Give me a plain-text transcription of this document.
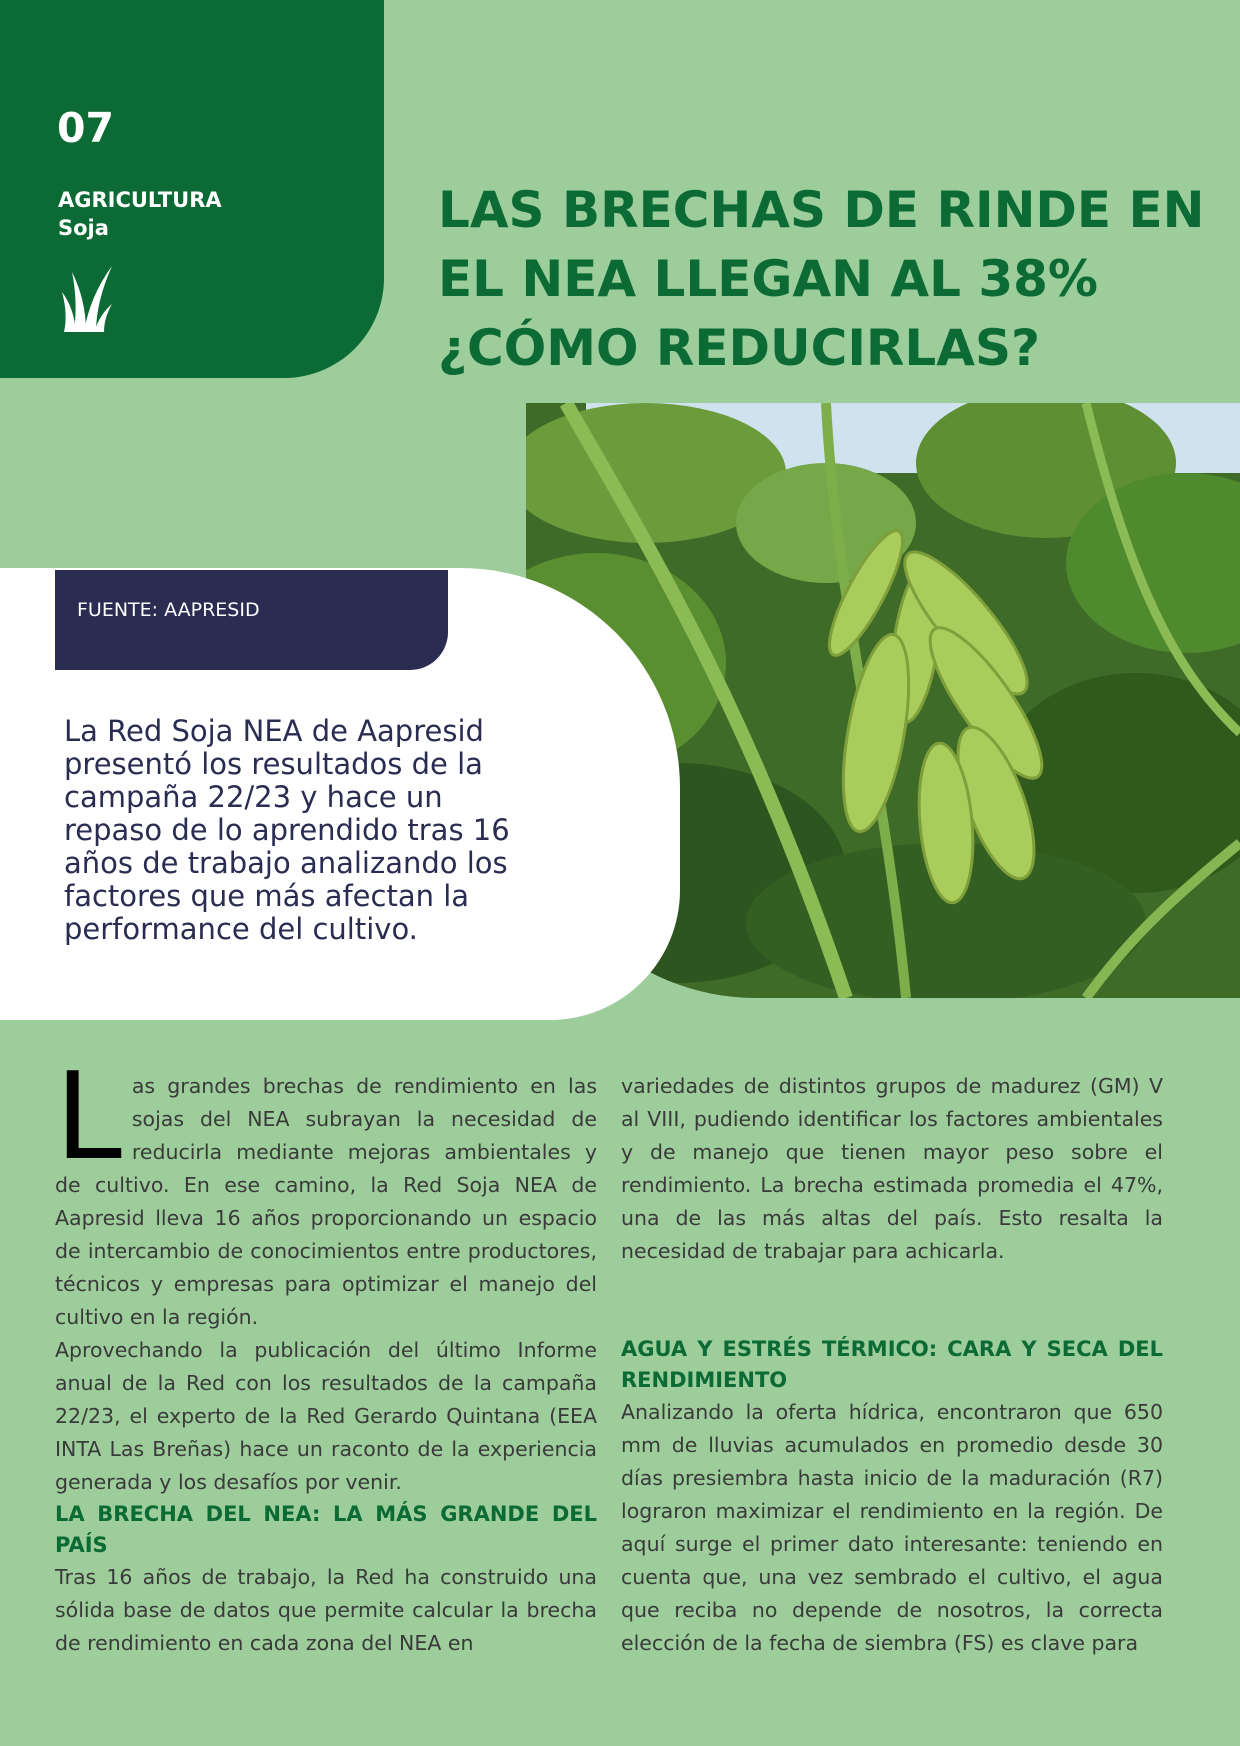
07
AGRICULTURA
Soja	LAS BRECHAS DE RINDE EN EL NEA LLEGAN AL 38% ¿CÓMO REDUCIRLAS?
FUENTE: AAPRESID

La Red Soja NEA de Aapresid presentó los resultados de la campaña 22/23 y hace un repaso de lo aprendido tras 16 años de trabajo analizando los factores que más afectan la performance del cultivo.

Las grandes brechas de rendimiento en las sojas del NEA subrayan la necesidad de reducirla mediante mejoras ambientales y de cultivo. En ese camino, la Red Soja NEA de Aapresid lleva 16 años proporcionando un espacio de intercambio de conocimientos entre productores, técnicos y empresas para optimizar el manejo del cultivo en la región.

Aprovechando la publicación del último Informe anual de la Red con los resultados de la campaña 22/23, el experto de la Red Gerardo Quintana (EEA INTA Las Breñas) hace un raconto de la experiencia generada y los desafíos por venir.

LA BRECHA DEL NEA: LA MÁS GRANDE DEL PAÍS

Tras 16 años de trabajo, la Red ha construido una sólida base de datos que permite calcular la brecha de rendimiento en cada zona del NEA en

variedades de distintos grupos de madurez (GM) V al VIII, pudiendo identificar los factores ambientales y de manejo que tienen mayor peso sobre el rendimiento. La brecha estimada promedia el 47%, una de las más altas del país. Esto resalta la necesidad de trabajar para achicarla.

AGUA Y ESTRÉS TÉRMICO: CARA Y SECA DEL RENDIMIENTO

Analizando la oferta hídrica, encontraron que 650 mm de lluvias acumulados en promedio desde 30 días presiembra hasta inicio de la maduración (R7) lograron maximizar el rendimiento en la región. De aquí surge el primer dato interesante: teniendo en cuenta que, una vez sembrado el cultivo, el agua que reciba no depende de nosotros, la correcta elección de la fecha de siembra (FS) es clave para
